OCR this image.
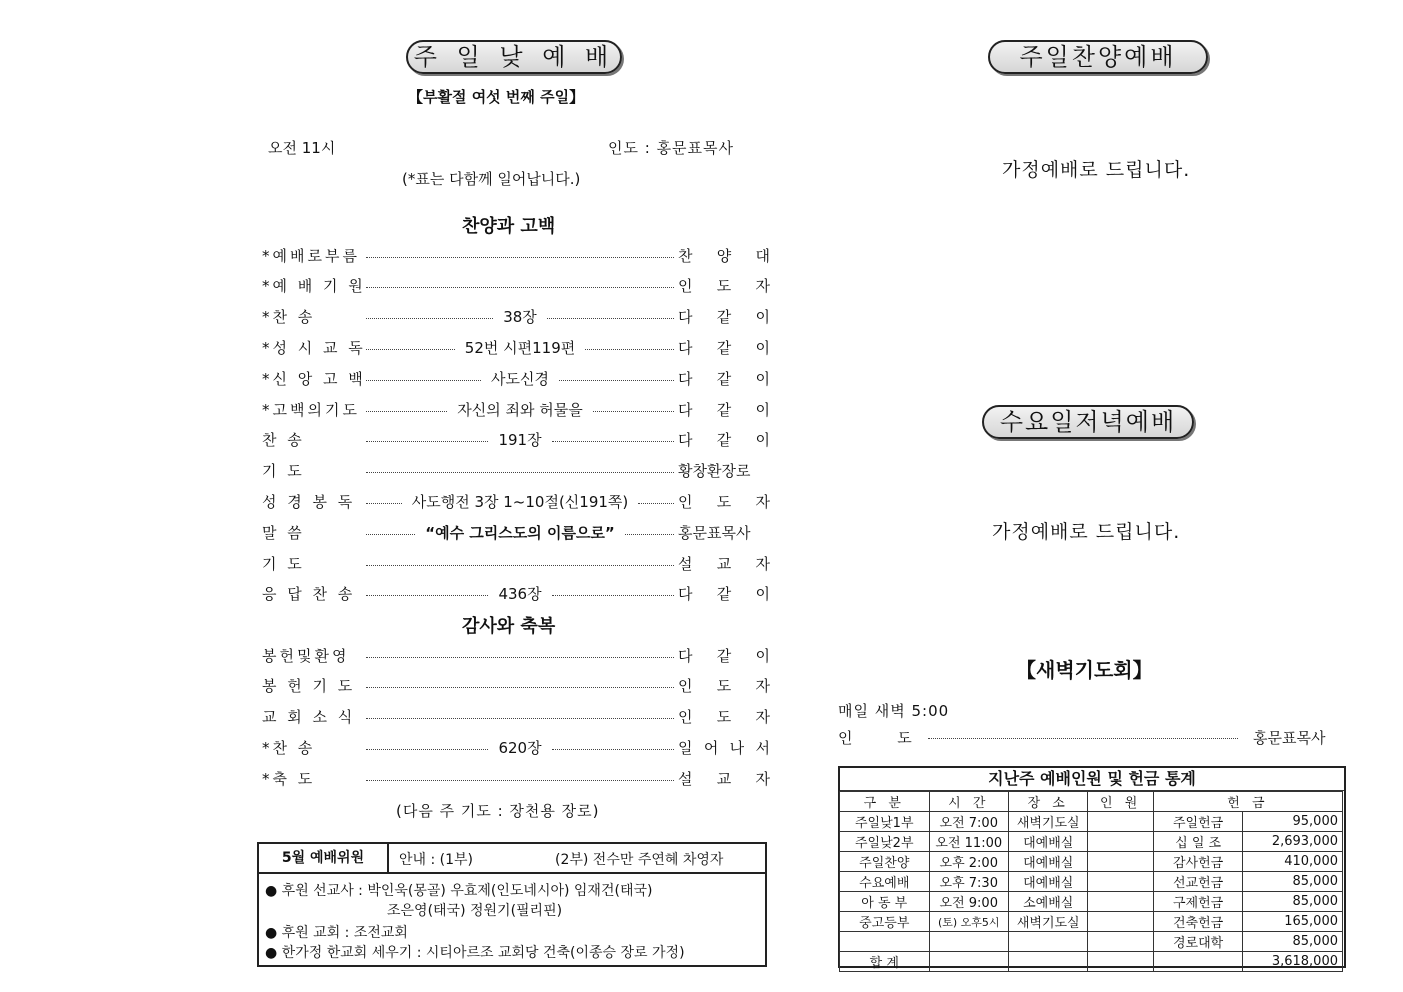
주 일 낮 예 배
【부활절 여섯 번째 주일】
오전 11시	인도 : 홍문표목사
(*표는 다함께 일어납니다.)
찬양과 고백
*예배로부름	찬 양 대
*예 배 기 원	인 도 자
*찬 송	38장	다 같 이
*성 시 교 독	52번 시편119편	다 같 이
*신 앙 고 백	사도신경	다 같 이
*고백의기도	자신의 죄와 허물을	다 같 이
찬 송	191장	다 같 이
기 도	황창환장로
성 경 봉 독	사도행전 3장 1~10절(신191쪽)	인 도 자
말 씀	“예수 그리스도의 이름으로”	홍문표목사
기 도	설 교 자
응 답 찬 송	436장	다 같 이
감사와 축복
봉헌및환영	다 같 이
봉 헌 기 도	인 도 자
교 회 소 식	인 도 자
*찬 송	620장	일 어 나 서
*축 도	설 교 자
(다음 주 기도 : 장천용 장로)
5월 예배위원	안내 : (1부)	(2부) 전수만 주연혜 차영자
● 후원 선교사 : 박인욱(몽골) 우효제(인도네시아) 임재건(태국)
조은영(태국) 정원기(필리핀)
● 후원 교회 : 조전교회
● 한가정 한교회 세우기 : 시티아르조 교회당 건축(이종승 장로 가정)
주일찬양예배
가정예배로 드립니다.
수요일저녁예배
가정예배로 드립니다.
【새벽기도회】
매일 새벽 5:00
인 도	홍문표목사
지난주 예배인원 및 헌금 통계
구 분	시 간	장 소	인 원	헌 금	
주일낮1부	오전 7:00	새벽기도실		주일헌금	95,000
주일낮2부	오전 11:00	대예배실		십 일 조	2,693,000
주일찬양	오후 2:00	대예배실		감사헌금	410,000
수요예배	오후 7:30	대예배실		선교헌금	85,000
아 동 부	오전 9:00	소예배실		구제헌금	85,000
중고등부	(토) 오후5시	새벽기도실		건축헌금	165,000
				경로대학	85,000
합 계					3,618,000
